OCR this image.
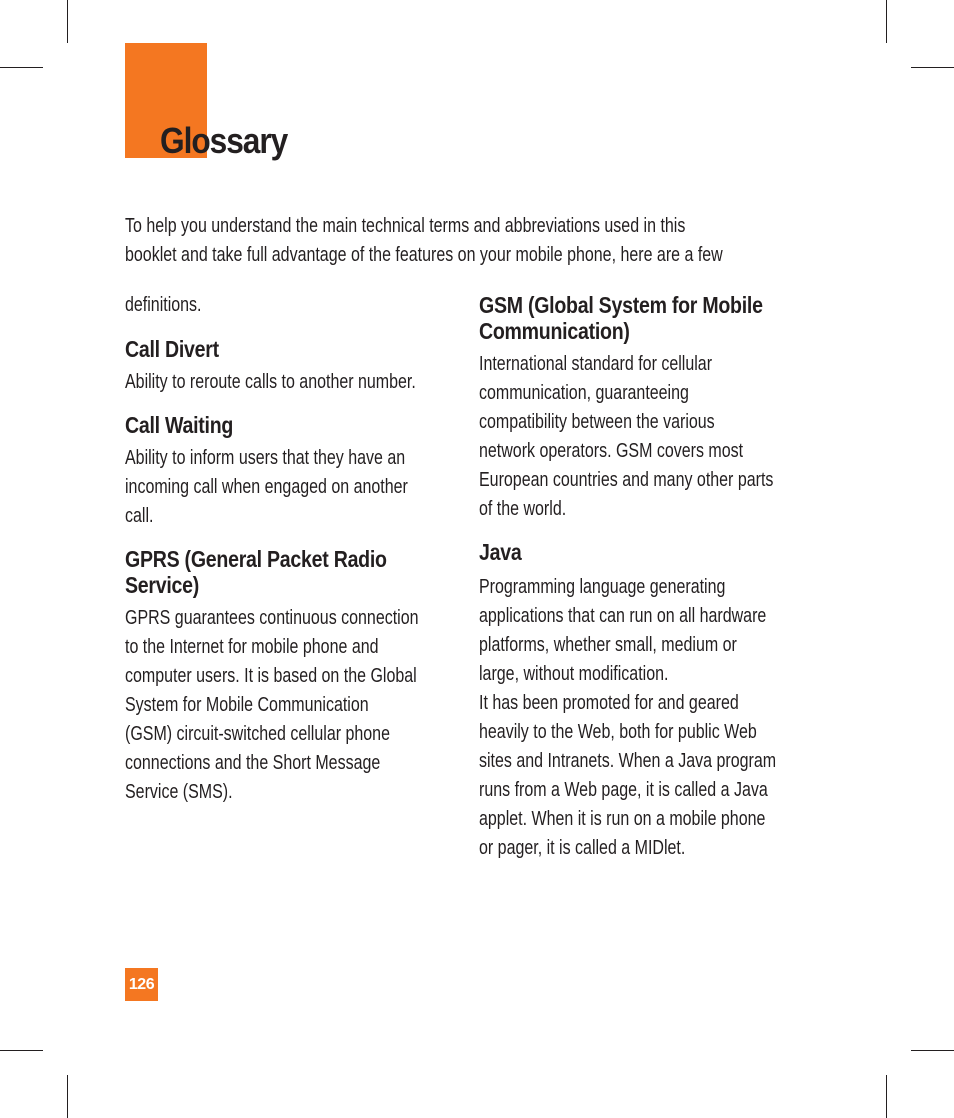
Glossary
To help you understand the main technical terms and abbreviations used in this
booklet and take full advantage of the features on your mobile phone, here are a few
definitions.
Call Divert
Ability to reroute calls to another number.
Call Waiting
Ability to inform users that they have an
incoming call when engaged on another
call.
GPRS (General Packet Radio
Service)
GPRS guarantees continuous connection
to the Internet for mobile phone and
computer users. It is based on the Global
System for Mobile Communication
(GSM) circuit-switched cellular phone
connections and the Short Message
Service (SMS).
GSM (Global System for Mobile
Communication)
International standard for cellular
communication, guaranteeing
compatibility between the various
network operators. GSM covers most
European countries and many other parts
of the world.
Java
Programming language generating
applications that can run on all hardware
platforms, whether small, medium or
large, without modification.
It has been promoted for and geared
heavily to the Web, both for public Web
sites and Intranets. When a Java program
runs from a Web page, it is called a Java
applet. When it is run on a mobile phone
or pager, it is called a MIDlet.
126
